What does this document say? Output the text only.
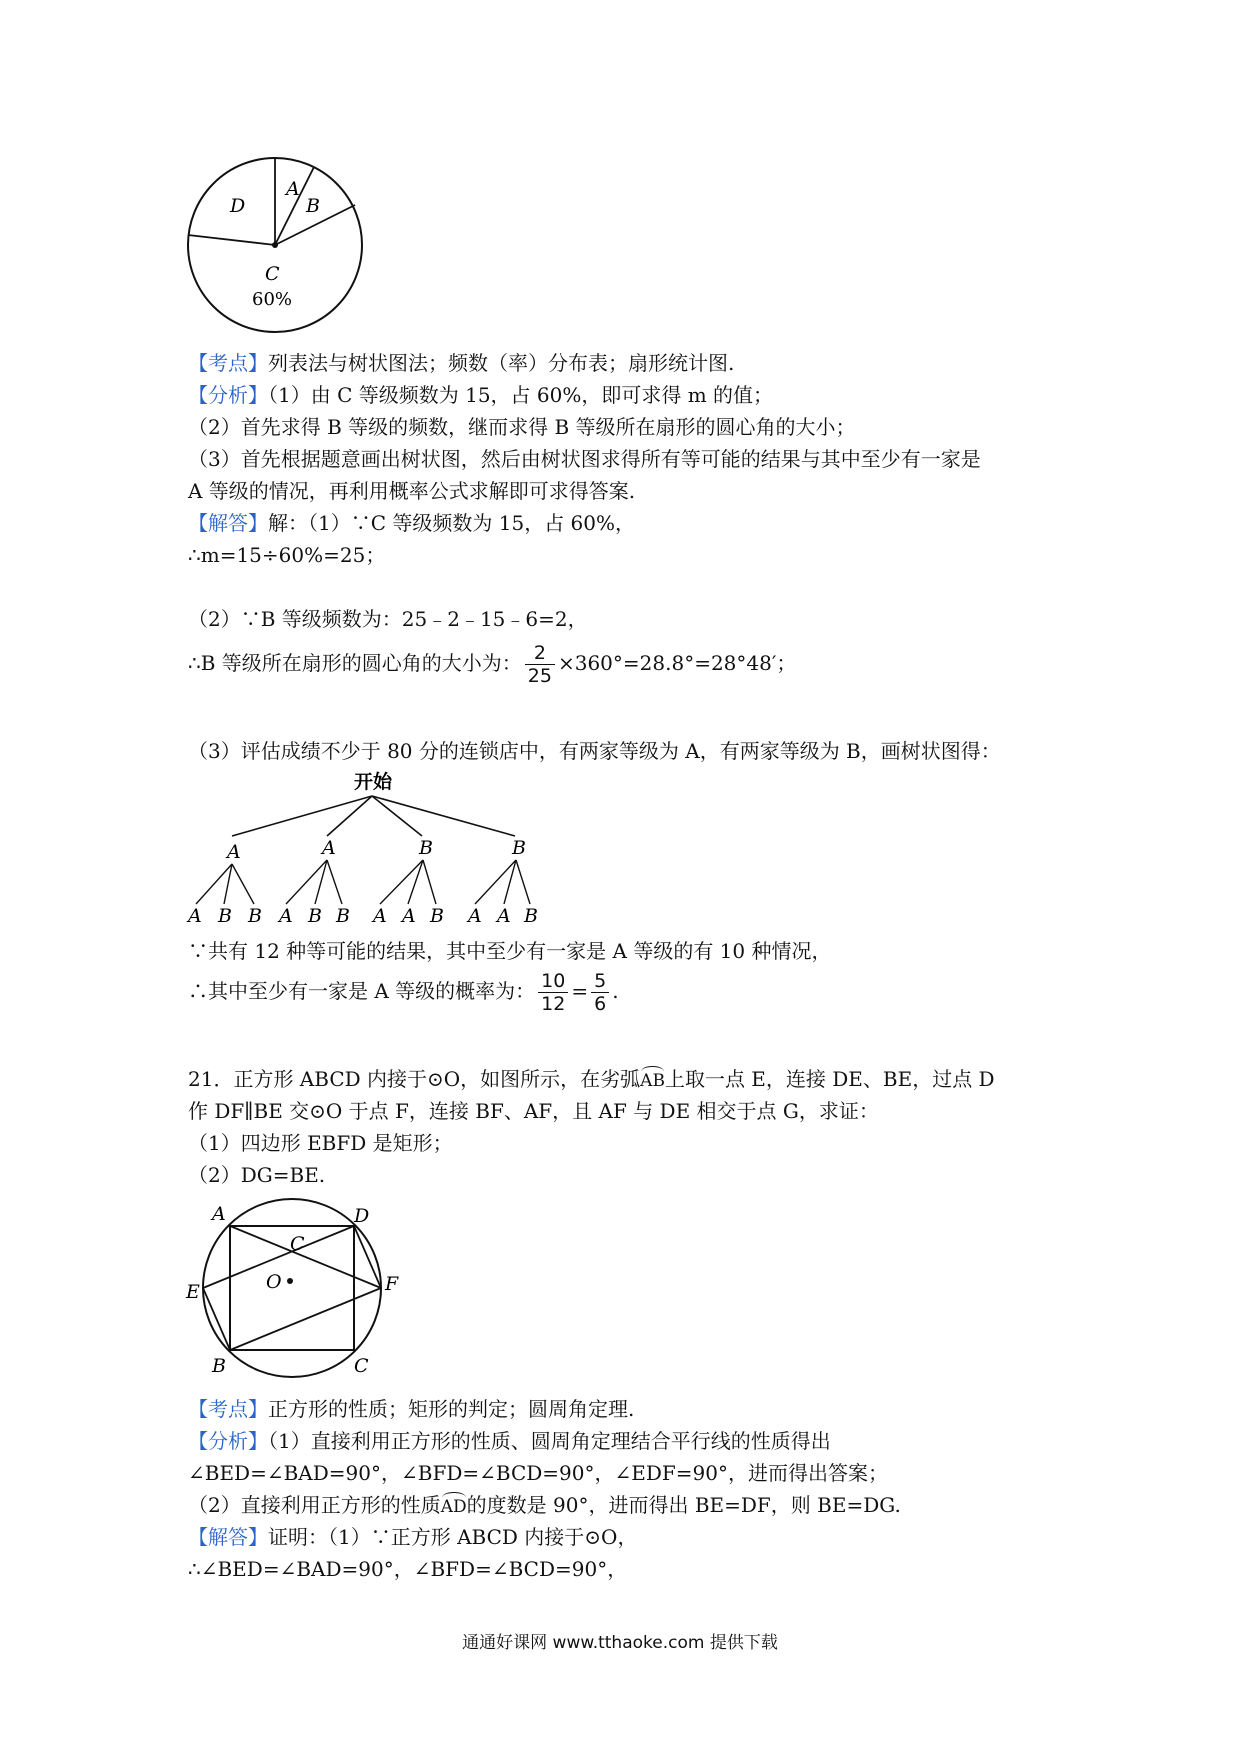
A
B
C
D
60%
【考点】列表法与树状图法；频数（率）分布表；扇形统计图.
【分析】（1）由 C 等级频数为 15，占 60%，即可求得 m 的值；
（2）首先求得 B 等级的频数，继而求得 B 等级所在扇形的圆心角的大小；
（3）首先根据题意画出树状图，然后由树状图求得所有等可能的结果与其中至少有一家是
A 等级的情况，再利用概率公式求解即可求得答案.
【解答】解：（1）∵C 等级频数为 15，占 60%，
∴m=15÷60%=25；
（2）∵B 等级频数为：25﹣2﹣15﹣6=2，
∴B 等级所在扇形的圆心角的大小为： $\frac{2}{25} \times 360^\circ=28.8^\circ=28^\circ 48'$；
（3）评估成绩不少于 80 分的连锁店中，有两家等级为 A，有两家等级为 B，画树状图得：
开始
A	A	B	B
A B B A B B A A B A A B
∵共有 12 种等可能的结果，其中至少有一家是 A 等级的有 10 种情况，
∴其中至少有一家是 A 等级的概率为： $\frac{10}{12} = \frac{5}{6}$ .
21．正方形 ABCD 内接于⊙O，如图所示，在劣弧AB上取一点 E，连接 DE、BE，过点 D
作 DF∥BE 交⊙O 于点 F，连接 BF、AF，且 AF 与 DE 相交于点 G，求证：
（1）四边形 EBFD 是矩形；
（2）DG=BE.
A	D
C
O
E	F
B	C
【考点】正方形的性质；矩形的判定；圆周角定理.
【分析】（1）直接利用正方形的性质、圆周角定理结合平行线的性质得出
∠BED=∠BAD=90°，∠BFD=∠BCD=90°，∠EDF=90°，进而得出答案；
（2）直接利用正方形的性质AD的度数是 90°，进而得出 BE=DF，则 BE=DG.
【解答】证明：（1）∵正方形 ABCD 内接于⊙O，
∴∠BED=∠BAD=90°，∠BFD=∠BCD=90°，
通通好课网 www.tthaoke.com 提供下载
